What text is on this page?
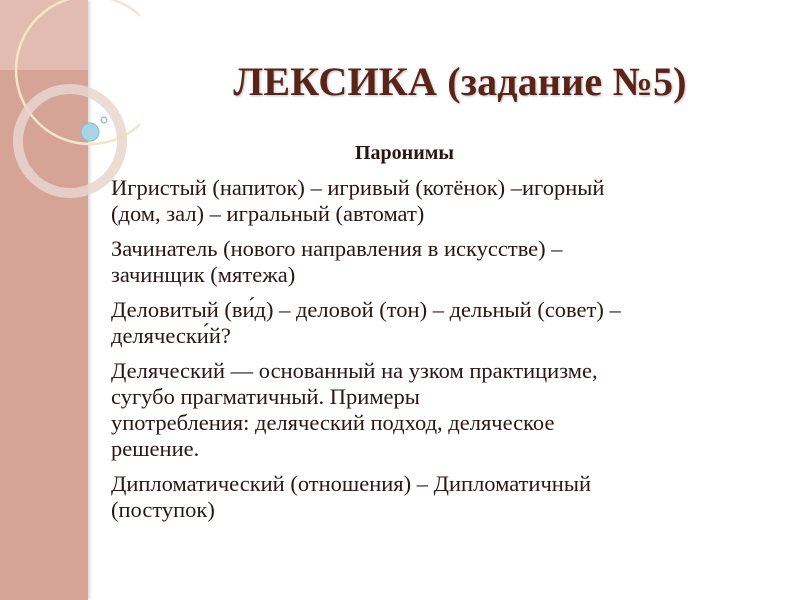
ЛЕКСИКА (задание №5)
Паронимы
Игристый (напиток) – игривый (котёнок) –игорный
(дом, зал) – игральный (автомат)
Зачинатель (нового направления в искусстве) –
зачинщик (мятежа)
Деловитый (ви́д) – деловой (тон) – дельный (совет) –
делячески́й?
Деляческий — основанный на узком практицизме,
сугубо прагматичный. Примеры
употребления: деляческий подход, деляческое
решение.
Дипломатический (отношения) – Дипломатичный
(поступок)
